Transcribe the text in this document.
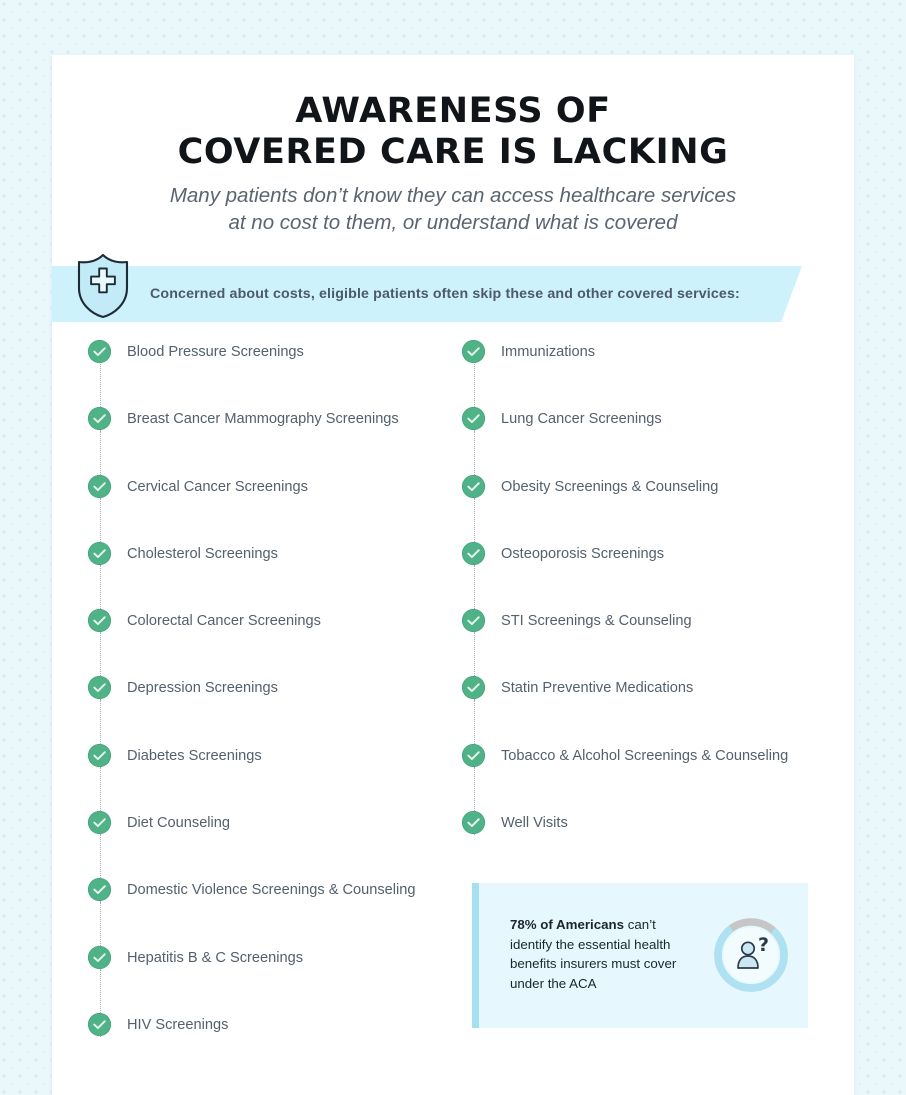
AWARENESS OF
COVERED CARE IS LACKING

Many patients don’t know they can access healthcare services
at no cost to them, or understand what is covered

Concerned about costs, eligible patients often skip these and other covered services:
Blood Pressure Screenings
Breast Cancer Mammography Screenings
Cervical Cancer Screenings
Cholesterol Screenings
Colorectal Cancer Screenings
Depression Screenings
Diabetes Screenings
Diet Counseling
Domestic Violence Screenings & Counseling
Hepatitis B & C Screenings
HIV Screenings
Immunizations
Lung Cancer Screenings
Obesity Screenings & Counseling
Osteoporosis Screenings
STI Screenings & Counseling
Statin Preventive Medications
Tobacco & Alcohol Screenings & Counseling
Well Visits
78% of Americans can’t identify the essential health benefits insurers must cover under the ACA
?
